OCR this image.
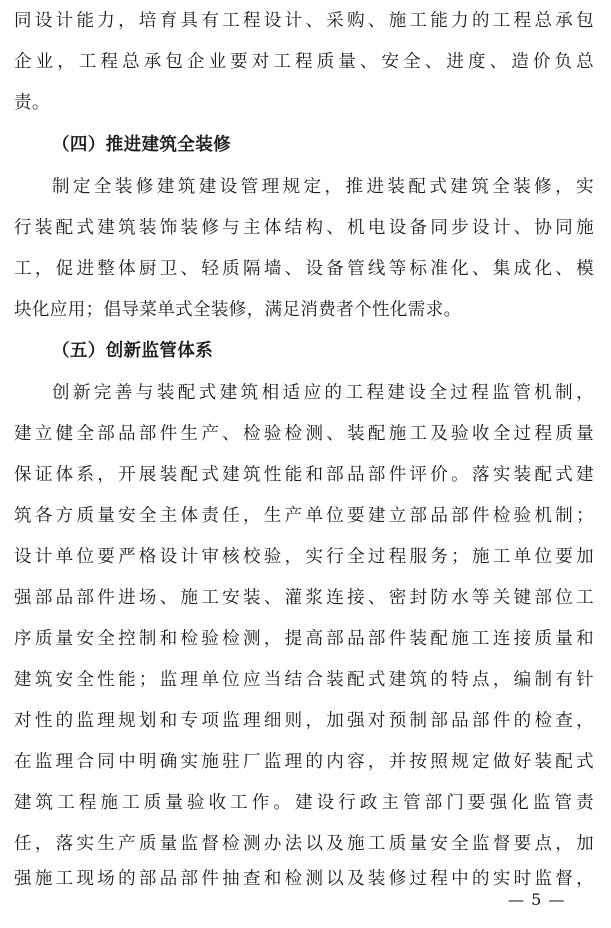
同设计能力，培育具有工程设计、采购、施工能力的工程总承包
企业，工程总承包企业要对工程质量、安全、进度、造价负总
责。
（四）推进建筑全装修
制定全装修建筑建设管理规定，推进装配式建筑全装修，实
行装配式建筑装饰装修与主体结构、机电设备同步设计、协同施
工，促进整体厨卫、轻质隔墙、设备管线等标准化、集成化、模
块化应用；倡导菜单式全装修，满足消费者个性化需求。
（五）创新监管体系
创新完善与装配式建筑相适应的工程建设全过程监管机制，
建立健全部品部件生产、检验检测、装配施工及验收全过程质量
保证体系，开展装配式建筑性能和部品部件评价。落实装配式建
筑各方质量安全主体责任，生产单位要建立部品部件检验机制；
设计单位要严格设计审核校验，实行全过程服务；施工单位要加
强部品部件进场、施工安装、灌浆连接、密封防水等关键部位工
序质量安全控制和检验检测，提高部品部件装配施工连接质量和
建筑安全性能；监理单位应当结合装配式建筑的特点，编制有针
对性的监理规划和专项监理细则，加强对预制部品部件的检查，
在监理合同中明确实施驻厂监理的内容，并按照规定做好装配式
建筑工程施工质量验收工作。建设行政主管部门要强化监管责
任，落实生产质量监督检测办法以及施工质量安全监督要点，加
强施工现场的部品部件抽查和检测以及装修过程中的实时监督，
— 5 —
